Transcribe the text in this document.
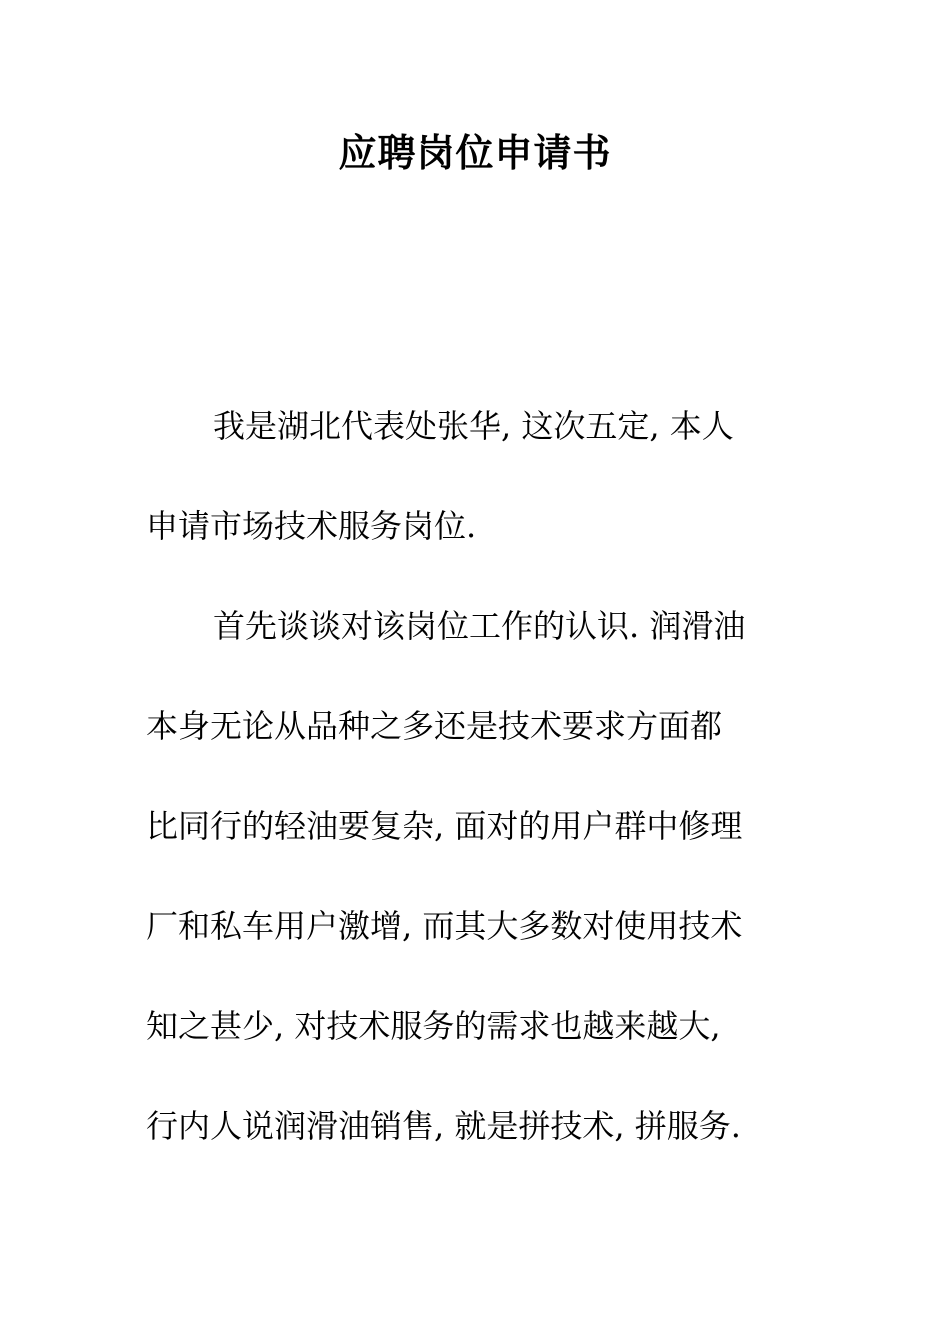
应聘岗位申请书
我是湖北代表处张华, 这次五定, 本人
申请市场技术服务岗位.
首先谈谈对该岗位工作的认识. 润滑油
本身无论从品种之多还是技术要求方面都
比同行的轻油要复杂, 面对的用户群中修理
厂和私车用户激增, 而其大多数对使用技术
知之甚少, 对技术服务的需求也越来越大,
行内人说润滑油销售, 就是拼技术, 拼服务.
